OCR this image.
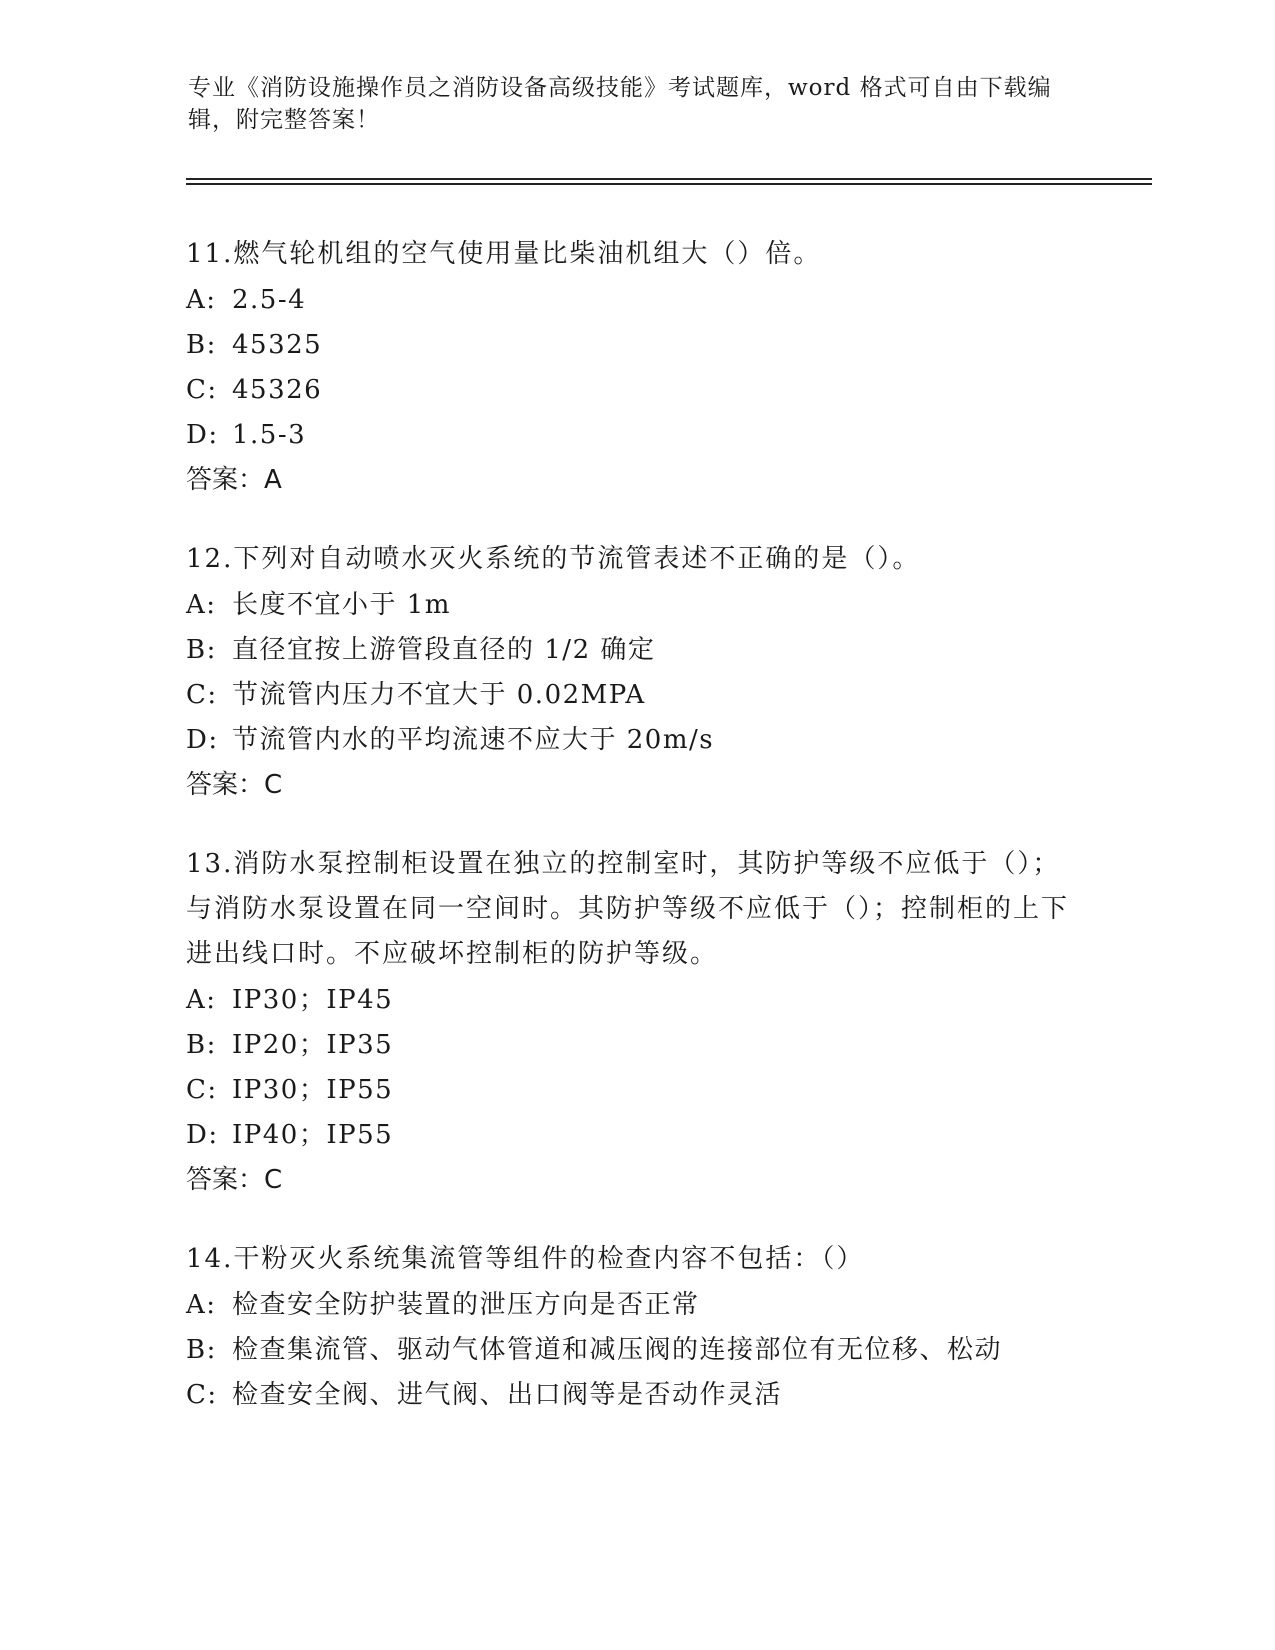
专业《消防设施操作员之消防设备高级技能》考试题库，word 格式可自由下载编辑，附完整答案！

11.燃气轮机组的空气使用量比柴油机组大（）倍。

A: 2.5-4

B: 45325

C: 45326

D: 1.5-3

答案：A

12.下列对自动喷水灭火系统的节流管表述不正确的是（）。

A: 长度不宜小于 1m

B: 直径宜按上游管段直径的 1/2 确定

C: 节流管内压力不宜大于 0.02MPA

D: 节流管内水的平均流速不应大于 20m/s

答案：C

13.消防水泵控制柜设置在独立的控制室时，其防护等级不应低于（）；与消防水泵设置在同一空间时。其防护等级不应低于（）；控制柜的上下进出线口时。不应破坏控制柜的防护等级。

A: IP30；IP45

B: IP20；IP35

C: IP30；IP55

D: IP40；IP55

答案：C

14.干粉灭火系统集流管等组件的检查内容不包括：（）

A: 检查安全防护装置的泄压方向是否正常

B: 检查集流管、驱动气体管道和减压阀的连接部位有无位移、松动

C: 检查安全阀、进气阀、出口阀等是否动作灵活
